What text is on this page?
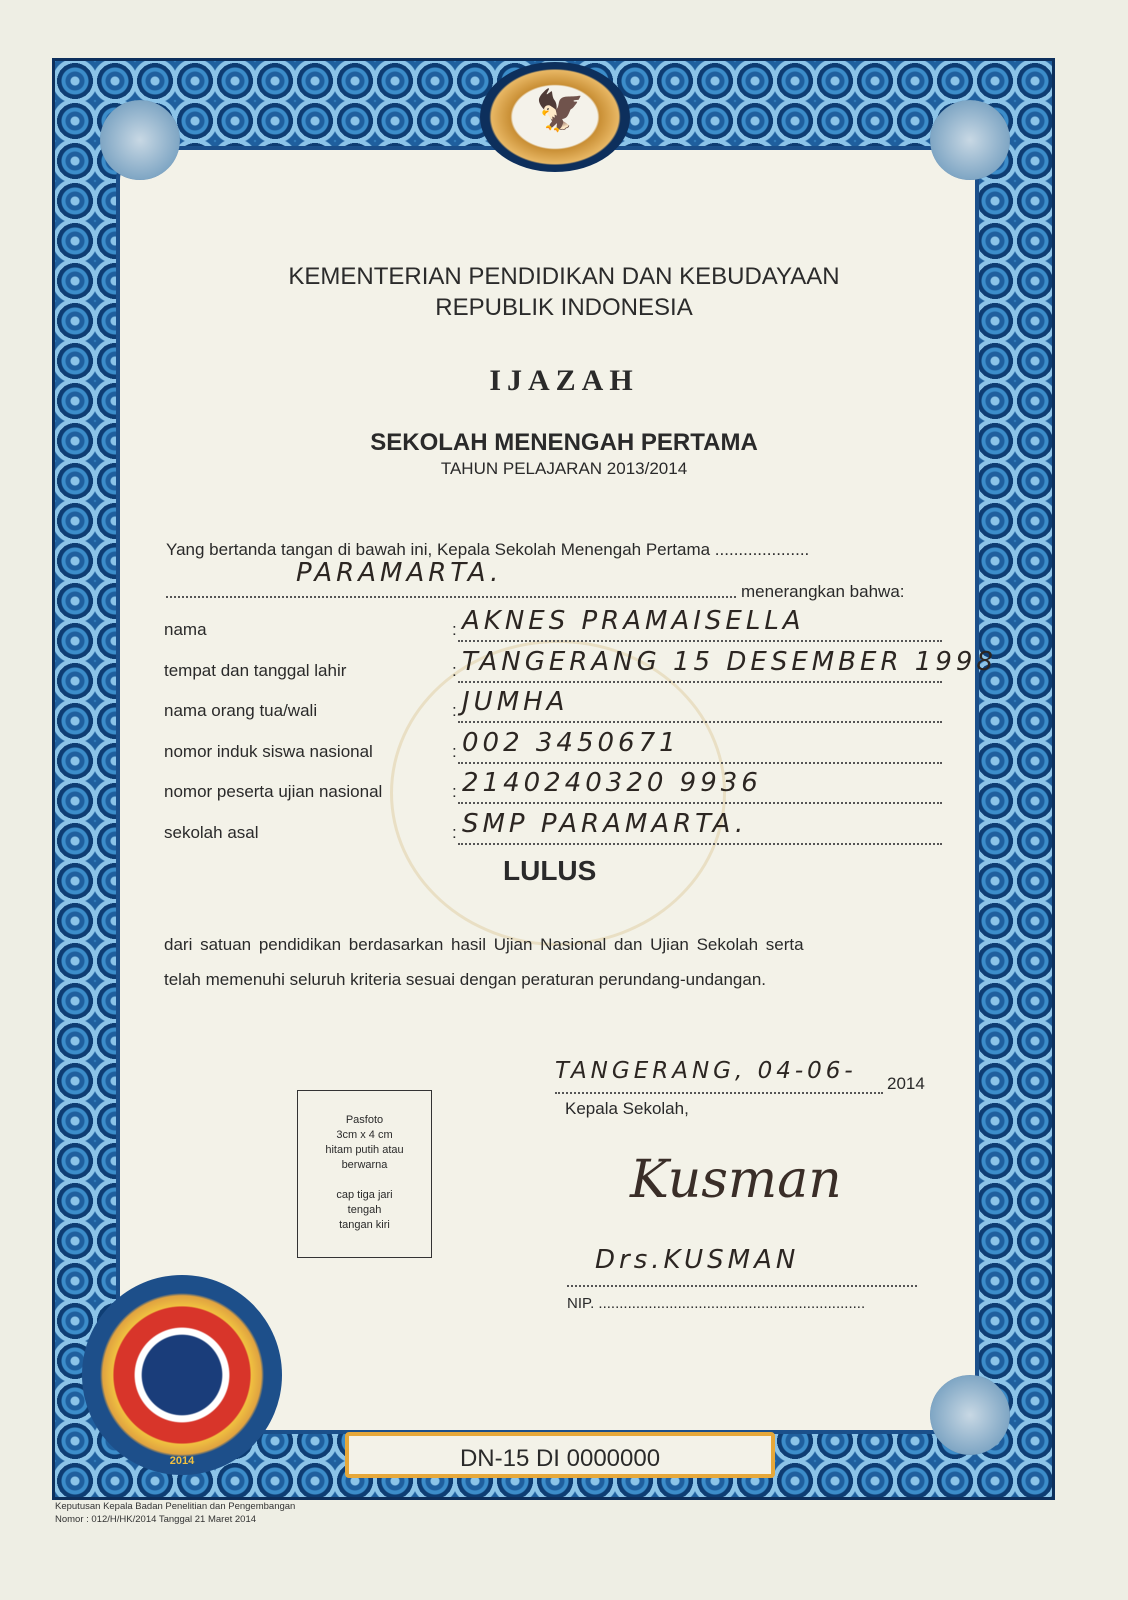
🦅
KEMENTERIAN PENDIDIKAN DAN KEBUDAYAAN
REPUBLIK INDONESIA
IJAZAH
SEKOLAH MENENGAH PERTAMA
TAHUN PELAJARAN 2013/2014
Yang bertanda tangan di bawah ini, Kepala Sekolah Menengah Pertama ....................
PARAMARTA.
menerangkan bahwa:
nama	: AKNES PRAMAISELLA
tempat dan tanggal lahir	: TANGERANG 15 DESEMBER 1998
nama orang tua/wali	: JUMHA
nomor induk siswa nasional	: 002 3450671
nomor peserta ujian nasional	: 2140240320 9936
sekolah asal	: SMP PARAMARTA.
LULUS
dari satuan pendidikan berdasarkan hasil Ujian Nasional dan Ujian Sekolah serta
telah memenuhi seluruh kriteria sesuai dengan peraturan perundang-undangan.
TANGERANG, 04-06- 2014
Kepala Sekolah,
Kusman
Drs.KUSMAN
NIP. ................................................................
Pasfoto
3cm x 4 cm
hitam putih atau
berwarna
cap tiga jari
tengah
tangan kiri
2014	DN-15 DI 0000000
Keputusan Kepala Badan Penelitian dan Pengembangan
Nomor : 012/H/HK/2014 Tanggal 21 Maret 2014
